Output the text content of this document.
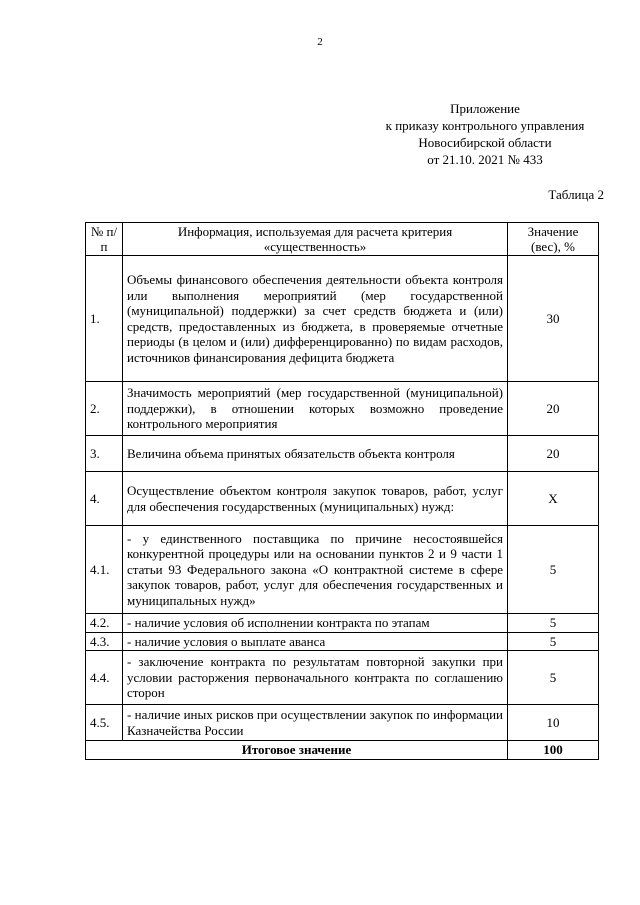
2
Приложение
к приказу контрольного управления
Новосибирской области
от 21.10. 2021 № 433
Таблица 2
№ п/п	Информация, используемая для расчета критерия «существенность»	Значение (вес), %
1.	Объемы финансового обеспечения деятельности объекта контроля или выполнения мероприятий (мер государственной (муниципальной) поддержки) за счет средств бюджета и (или) средств, предоставленных из бюджета, в проверяемые отчетные периоды (в целом и (или) дифференцированно) по видам расходов, источников финансирования дефицита бюджета	30
2.	Значимость мероприятий (мер государственной (муниципальной) поддержки), в отношении которых возможно проведение контрольного мероприятия	20
3.	Величина объема принятых обязательств объекта контроля	20
4.	Осуществление объектом контроля закупок товаров, работ, услуг для обеспечения государственных (муниципальных) нужд:	Х
4.1.	- у единственного поставщика по причине несостоявшейся конкурентной процедуры или на основании пунктов 2 и 9 части 1 статьи 93 Федерального закона «О контрактной системе в сфере закупок товаров, работ, услуг для обеспечения государственных и муниципальных нужд»	5
4.2.	- наличие условия об исполнении контракта по этапам	5
4.3.	- наличие условия о выплате аванса	5
4.4.	- заключение контракта по результатам повторной закупки при условии расторжения первоначального контракта по соглашению сторон	5
4.5.	- наличие иных рисков при осуществлении закупок по информации Казначейства России	10
Итоговое значение		100
